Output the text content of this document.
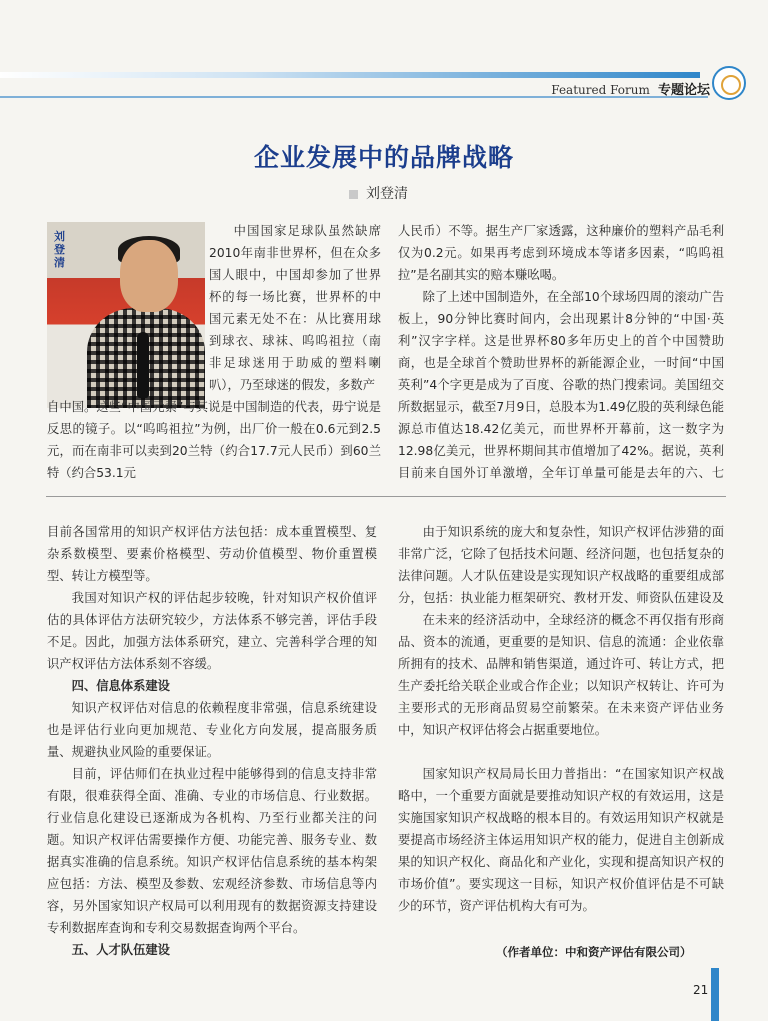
Featured Forum 专题论坛
企业发展中的品牌战略
刘登清
刘登清
中国国家足球队虽然缺席2010年南非世界杯，但在众多国人眼中，中国却参加了世界杯的每一场比赛，世界杯的中国元素无处不在：从比赛用球到球衣、球袜、呜呜祖拉（南非足球迷用于助威的塑料喇叭），乃至球迷的假发，多数产
自中国。这些“中国元素”与其说是中国制造的代表，毋宁说是反思的镜子。以“呜呜祖拉”为例，出厂价一般在0.6元到2.5元，而在南非可以卖到20兰特（约合17.7元人民币）到60兰特（约合53.1元
人民币）不等。据生产厂家透露，这种廉价的塑料产品毛利仅为0.2元。如果再考虑到环境成本等诸多因素，“呜呜祖拉”是名副其实的赔本赚吆喝。
除了上述中国制造外，在全部10个球场四周的滚动广告板上，90分钟比赛时间内，会出现累计8分钟的“中国·英利”汉字字样。这是世界杯80多年历史上的首个中国赞助商，也是全球首个赞助世界杯的新能源企业，一时间“中国英利”4个字更是成为了百度、谷歌的热门搜索词。美国纽交所数据显示，截至7月9日，总股本为1.49亿股的英利绿色能源总市值达18.42亿美元，而世界杯开幕前，这一数字为12.98亿美元，世界杯期间其市值增加了42%。据说，英利目前来自国外订单激增，全年订单量可能是去年的六、七
目前各国常用的知识产权评估方法包括：成本重置模型、复杂系数模型、要素价格模型、劳动价值模型、物价重置模型、转让方模型等。
我国对知识产权的评估起步较晚，针对知识产权价值评估的具体评估方法研究较少，方法体系不够完善，评估手段不足。因此，加强方法体系研究，建立、完善科学合理的知识产权评估方法体系刻不容缓。
四、信息体系建设
知识产权评估对信息的依赖程度非常强，信息系统建设也是评估行业向更加规范、专业化方向发展，提高服务质量、规避执业风险的重要保证。
目前，评估师们在执业过程中能够得到的信息支持非常有限，很难获得全面、准确、专业的市场信息、行业数据。行业信息化建设已逐渐成为各机构、乃至行业都关注的问题。知识产权评估需要操作方便、功能完善、服务专业、数据真实准确的信息系统。知识产权评估信息系统的基本构架应包括：方法、模型及参数、宏观经济参数、市场信息等内容，另外国家知识产权局可以利用现有的数据资源支持建设专利数据库查询和专利交易数据查询两个平台。
五、人才队伍建设
由于知识系统的庞大和复杂性，知识产权评估涉猎的面非常广泛，它除了包括技术问题、经济问题，也包括复杂的法律问题。人才队伍建设是实现知识产权战略的重要组成部分，包括：执业能力框架研究、教材开发、师资队伍建设及
在未来的经济活动中，全球经济的概念不再仅指有形商品、资本的流通，更重要的是知识、信息的流通：企业依靠所拥有的技术、品牌和销售渠道，通过许可、转让方式，把生产委托给关联企业或合作企业；以知识产权转让、许可为主要形式的无形商品贸易空前繁荣。在未来资产评估业务中，知识产权评估将会占据重要地位。
国家知识产权局局长田力普指出：“在国家知识产权战略中，一个重要方面就是要推动知识产权的有效运用，这是实施国家知识产权战略的根本目的。有效运用知识产权就是要提高市场经济主体运用知识产权的能力，促进自主创新成果的知识产权化、商品化和产业化，实现和提高知识产权的市场价值”。要实现这一目标，知识产权价值评估是不可缺少的环节，资产评估机构大有可为。
（作者单位：中和资产评估有限公司）
21
